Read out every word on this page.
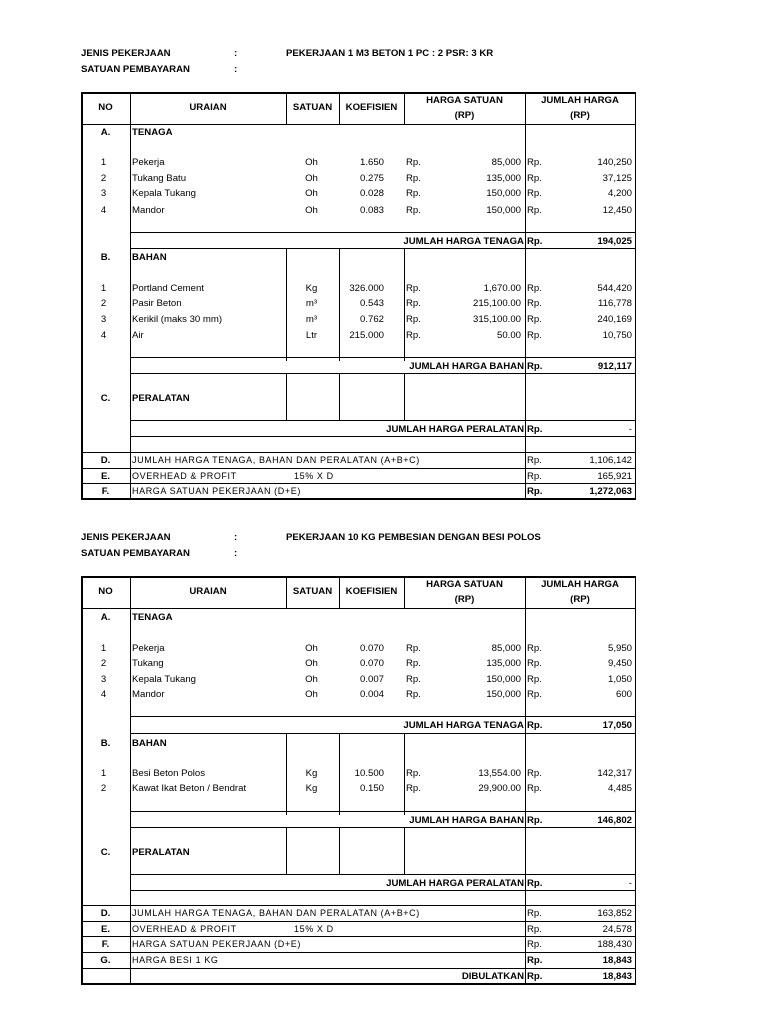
JENIS PEKERJAAN	:	PEKERJAAN 1 M3 BETON 1 PC : 2 PSR: 3 KR
SATUAN PEMBAYARAN	:
NO	URAIAN	SATUAN	KOEFISIEN
HARGA SATUAN
(RP)
JUMLAH HARGA
(RP)
A.	TENAGA
1	Pekerja	Oh	1.650 Rp.	85,000 Rp.	140,250
2	Tukang Batu	Oh	0.275 Rp.	135,000 Rp.	37,125
3	Kepala Tukang	Oh	0.028 Rp.	150,000 Rp.	4,200
4	Mandor	Oh	0.083 Rp.	150,000 Rp.	12,450
JUMLAH HARGA TENAGA Rp.	194,025
B.	BAHAN
1	Portland Cement	Kg	326.000 Rp.	1,670.00 Rp.	544,420
2	Pasir Beton	m³	0.543 Rp.	215,100.00 Rp.	116,778
3	Kerikil (maks 30 mm)	m³	0.762 Rp.	315,100.00 Rp.	240,169
4	Air	Ltr	215.000 Rp.	50.00 Rp.	10,750
JUMLAH HARGA BAHAN Rp.	912,117
C.	PERALATAN
JUMLAH HARGA PERALATAN Rp.	-
D.	JUMLAH HARGA TENAGA, BAHAN DAN PERALATAN (A+B+C)	Rp.	1,106,142
E.	OVERHEAD & PROFIT	15% X D	Rp.	165,921
F.	HARGA SATUAN PEKERJAAN (D+E)	Rp.	1,272,063
JENIS PEKERJAAN	:	PEKERJAAN 10 KG PEMBESIAN DENGAN BESI POLOS
SATUAN PEMBAYARAN	:
NO	URAIAN	SATUAN	KOEFISIEN
HARGA SATUAN
(RP)
JUMLAH HARGA
(RP)
A.	TENAGA
1	Pekerja	Oh	0.070 Rp.	85,000 Rp.	5,950
2	Tukang	Oh	0.070 Rp.	135,000 Rp.	9,450
3	Kepala Tukang	Oh	0.007 Rp.	150,000 Rp.	1,050
4	Mandor	Oh	0.004 Rp.	150,000 Rp.	600
JUMLAH HARGA TENAGA Rp.	17,050
B.	BAHAN
1	Besi Beton Polos	Kg	10.500 Rp.	13,554.00 Rp.	142,317
2	Kawat Ikat Beton / Bendrat	Kg	0.150 Rp.	29,900.00 Rp.	4,485
JUMLAH HARGA BAHAN Rp.	146,802
C.	PERALATAN
JUMLAH HARGA PERALATAN Rp.	-
D.	JUMLAH HARGA TENAGA, BAHAN DAN PERALATAN (A+B+C)	Rp.	163,852
E.	OVERHEAD & PROFIT	15% X D	Rp.	24,578
F.	HARGA SATUAN PEKERJAAN (D+E)	Rp.	188,430
G.	HARGA BESI 1 KG	Rp.	18,843
DIBULATKAN Rp.	18,843
